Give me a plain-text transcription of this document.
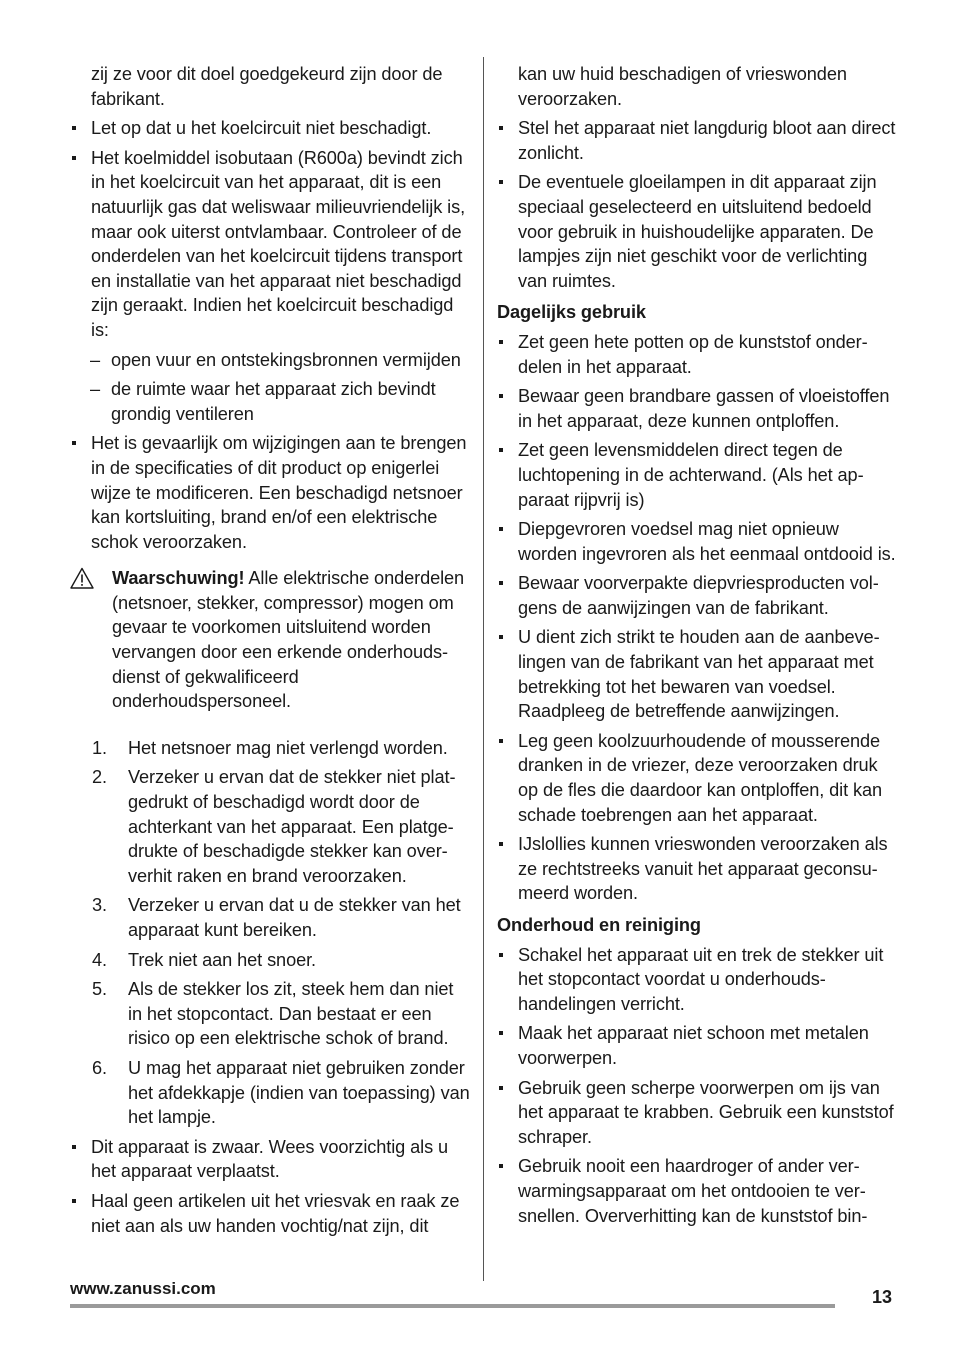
zij ze voor dit doel goedgekeurd zijn door de fabrikant.

Let op dat u het koelcircuit niet beschadigt.
Het koelmiddel isobutaan (R600a) bevindt zich in het koelcircuit van het apparaat, dit is een natuurlijk gas dat weliswaar milieuvriendelijk is, maar ook uiterst ontvlambaar. Controleer of de onderdelen van het koelcircuit tijdens transport en installatie van het apparaat niet beschadigd zijn geraakt. Indien het koelcircuit beschadigd is:
– open vuur en ontstekingsbronnen vermijden
– de ruimte waar het apparaat zich bevindt grondig ventileren
Het is gevaarlijk om wijzigingen aan te brengen in de specificaties of dit product op enigerlei wijze te modificeren. Een beschadigd netsnoer kan kortsluiting, brand en/of een elektrische schok veroorzaken.
Waarschuwing! Alle elektrische onderdelen (netsnoer, stekker, compressor) mogen om gevaar te voorkomen uitsluitend worden vervangen door een erkende onderhoudsdienst of gekwalificeerd onderhoudspersoneel.
1. Het netsnoer mag niet verlengd worden.
2. Verzeker u ervan dat de stekker niet platgedrukt of beschadigd wordt door de achterkant van het apparaat. Een platgedrukte of beschadigde stekker kan oververhit raken en brand veroorzaken.
3. Verzeker u ervan dat u de stekker van het apparaat kunt bereiken.
4. Trek niet aan het snoer.
5. Als de stekker los zit, steek hem dan niet in het stopcontact. Dan bestaat er een risico op een elektrische schok of brand.
6. U mag het apparaat niet gebruiken zonder het afdekkapje (indien van toepassing) van het lampje.
Dit apparaat is zwaar. Wees voorzichtig als u het apparaat verplaatst.
Haal geen artikelen uit het vriesvak en raak ze niet aan als uw handen vochtig/nat zijn, dit

kan uw huid beschadigen of vrieswonden veroorzaken.

Stel het apparaat niet langdurig bloot aan direct zonlicht.
De eventuele gloeilampen in dit apparaat zijn speciaal geselecteerd en uitsluitend bedoeld voor gebruik in huishoudelijke apparaten. De lampjes zijn niet geschikt voor de verlichting van ruimtes.
Dagelijks gebruik
Zet geen hete potten op de kunststof onderdelen in het apparaat.
Bewaar geen brandbare gassen of vloeistoffen in het apparaat, deze kunnen ontploffen.
Zet geen levensmiddelen direct tegen de luchtopening in de achterwand. (Als het apparaat rijpvrij is)
Diepgevroren voedsel mag niet opnieuw worden ingevroren als het eenmaal ontdooid is.
Bewaar voorverpakte diepvriesproducten volgens de aanwijzingen van de fabrikant.
U dient zich strikt te houden aan de aanbevelingen van de fabrikant van het apparaat met betrekking tot het bewaren van voedsel. Raadpleeg de betreffende aanwijzingen.
Leg geen koolzuurhoudende of mousserende dranken in de vriezer, deze veroorzaken druk op de fles die daardoor kan ontploffen, dit kan schade toebrengen aan het apparaat.
IJslollies kunnen vrieswonden veroorzaken als ze rechtstreeks vanuit het apparaat geconsumeerd worden.
Onderhoud en reiniging
Schakel het apparaat uit en trek de stekker uit het stopcontact voordat u onderhoudshandelingen verricht.
Maak het apparaat niet schoon met metalen voorwerpen.
Gebruik geen scherpe voorwerpen om ijs van het apparaat te krabben. Gebruik een kunststof schraper.
Gebruik nooit een haardroger of ander verwarmingsapparaat om het ontdooien te versnellen. Oververhitting kan de kunststof bin-
www.zanussi.com	13
